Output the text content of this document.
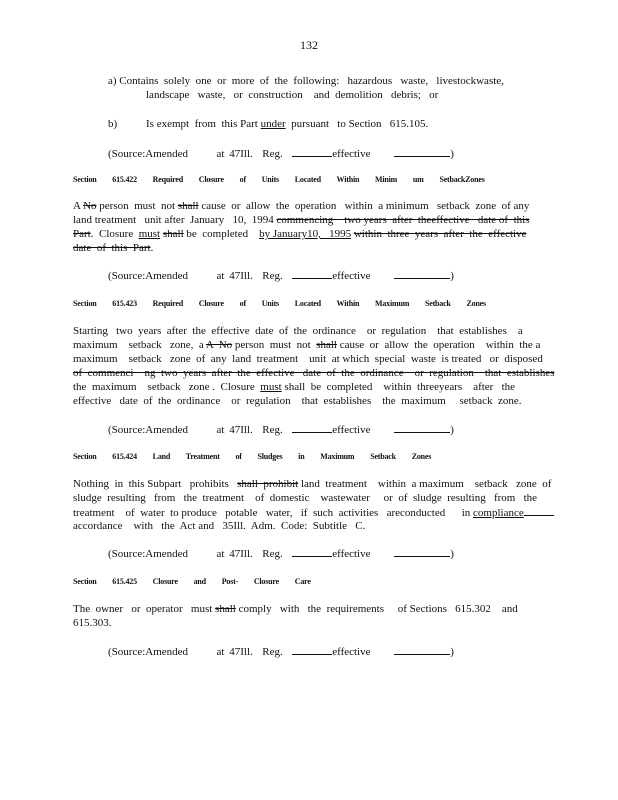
132
a) Contains  solely  one  or  more  of  the  following:   hazardous   waste,   livestockwaste,
landscape   waste,   or  construction    and  demolition   debris;   or
b)	Is exempt  from  this Part under  pursuant   to Section   615.105.
(Source:Amended	at 47Ill.  Reg.	effective	)
Section 615.422 Required Closure of Units Located Within Minim um SetbackZones
A No person  must  not shall cause  or  allow  the  operation   within  a minimum   setback  zone  of any
land treatment   unit after  January   10,  1994 commencing    two years  after  theeffective   date of  this
Part.  Closure  must shall be  completed    by January10,   1995 within  three  years  after  the  effective
date  of  this  Part.
(Source:Amended	at 47Ill.  Reg.	effective	)
Section 615.423 Required Closure of Units Located Within Maximum Setback Zones
Starting   two  years  after  the  effective  date  of  the  ordinance    or  regulation    that  establishes    a
maximum    setback   zone,  a A  No person  must  not  shall cause  or  allow  the  operation    within  the a
maximum    setback   zone  of  any  land  treatment    unit  at which  special  waste  is treated   or  disposed
of  commenci    ng  two  years  after  the  effective   date  of  the  ordinance    or  regulation    that  establishes
the  maximum    setback   zone .  Closure  must shall  be  completed    within  threeyears    after   the
effective   date  of  the  ordinance    or  regulation    that  establishes    the  maximum     setback  zone.
(Source:Amended	at 47Ill.  Reg.	effective	)
Section 615.424 Land Treatment of Sludges in Maximum Setback Zones
Nothing  in  this Subpart   prohibits   shall  prohibit land  treatment    within  a maximum    setback   zone  of
sludge  resulting   from   the  treatment    of  domestic    wastewater     or  of  sludge  resulting   from   the
treatment    of  water  to produce   potable   water,   if  such  activities   areconducted      in compliance
accordance    with   the  Act and   35Ill.  Adm.  Code:  Subtitle   C.
(Source:Amended	at 47Ill.  Reg.	effective	)
Section 615.425 Closure and Post- Closure Care
The  owner   or  operator   must shall comply   with   the  requirements     of Sections   615.302    and
615.303.
(Source:Amended	at 47Ill.  Reg.	effective	)
